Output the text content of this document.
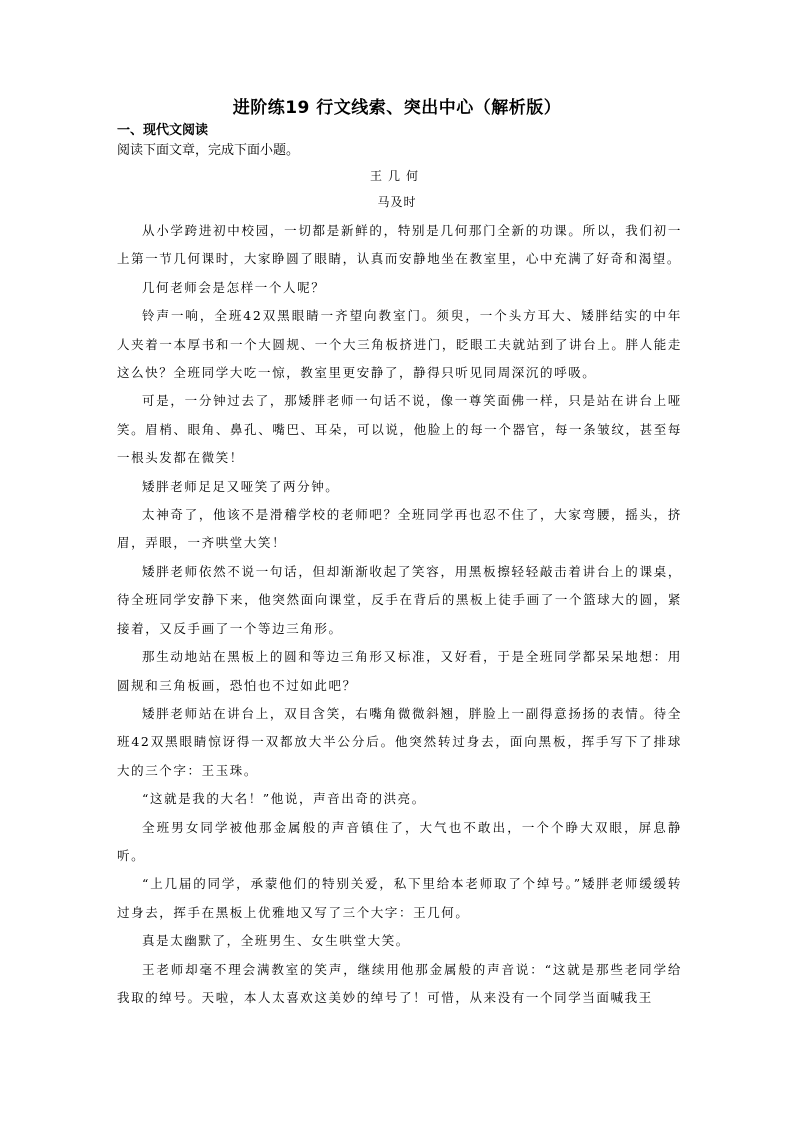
进阶练19 行文线索、突出中心（解析版）
一、现代文阅读

阅读下面文章，完成下面小题。

王几何

马及时

从小学跨进初中校园，一切都是新鲜的，特别是几何那门全新的功课。所以，我们初一上第一节几何课时，大家睁圆了眼睛，认真而安静地坐在教室里，心中充满了好奇和渴望。

几何老师会是怎样一个人呢？

铃声一响，全班42双黑眼睛一齐望向教室门。须臾，一个头方耳大、矮胖结实的中年人夹着一本厚书和一个大圆规、一个大三角板挤进门，眨眼工夫就站到了讲台上。胖人能走这么快？全班同学大吃一惊，教室里更安静了，静得只听见同周深沉的呼吸。

可是，一分钟过去了，那矮胖老师一句话不说，像一尊笑面佛一样，只是站在讲台上哑笑。眉梢、眼角、鼻孔、嘴巴、耳朵，可以说，他脸上的每一个器官，每一条皱纹，甚至每一根头发都在微笑！

矮胖老师足足又哑笑了两分钟。

太神奇了，他该不是滑稽学校的老师吧？全班同学再也忍不住了，大家弯腰，摇头，挤眉，弄眼，一齐哄堂大笑！

矮胖老师依然不说一句话，但却渐渐收起了笑容，用黑板擦轻轻敲击着讲台上的课桌，待全班同学安静下来，他突然面向课堂，反手在背后的黑板上徒手画了一个篮球大的圆，紧接着，又反手画了一个等边三角形。

那生动地站在黑板上的圆和等边三角形又标准，又好看，于是全班同学都呆呆地想：用圆规和三角板画，恐怕也不过如此吧？

矮胖老师站在讲台上，双目含笑，右嘴角微微斜翘，胖脸上一副得意扬扬的表情。待全班42双黑眼睛惊讶得一双都放大半公分后。他突然转过身去，面向黑板，挥手写下了排球大的三个字：王玉珠。

“这就是我的大名！”他说，声音出奇的洪亮。

全班男女同学被他那金属般的声音镇住了，大气也不敢出，一个个睁大双眼，屏息静听。

“上几届的同学，承蒙他们的特别关爱，私下里给本老师取了个绰号。”矮胖老师缓缓转过身去，挥手在黑板上优雅地又写了三个大字：王几何。

真是太幽默了，全班男生、女生哄堂大笑。

王老师却毫不理会满教室的笑声，继续用他那金属般的声音说：“这就是那些老同学给我取的绰号。天啦，本人太喜欢这美妙的绰号了！可惜，从来没有一个同学当面喊我王
